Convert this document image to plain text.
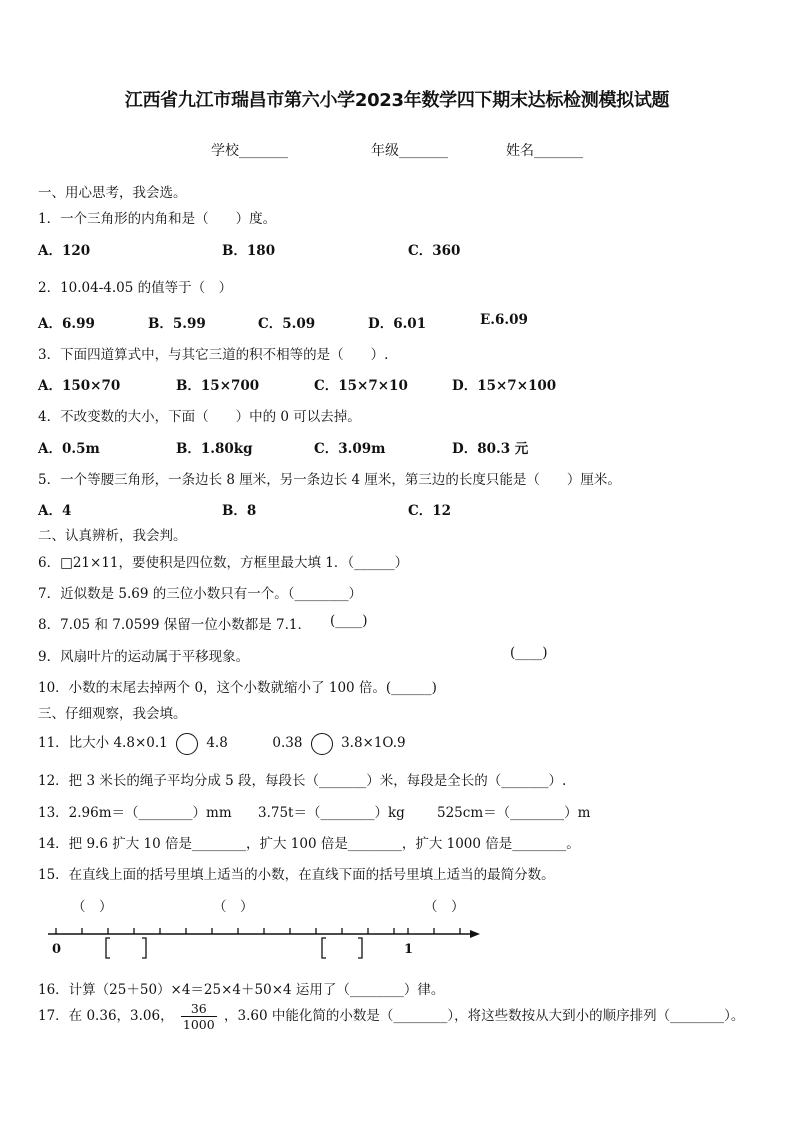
江西省九江市瑞昌市第六小学2023年数学四下期末达标检测模拟试题
学校_______	年级_______	姓名_______
一、用心思考，我会选。
1．一个三角形的内角和是（　　）度。
A．120	B．180	C．360
2．10.04-4.05 的值等于（　）
A．6.99	B．5.99	C．5.09	D．6.01	E.6.09
3．下面四道算式中，与其它三道的积不相等的是（　　）.
A．150×70	B．15×700	C．15×7×10	D．15×7×100
4．不改变数的大小，下面（　　）中的 0 可以去掉。
A．0.5m	B．1.80kg	C．3.09m	D．80.3 元
5．一个等腰三角形，一条边长 8 厘米，另一条边长 4 厘米，第三边的长度只能是（　　）厘米。
A．4	B．8	C．12
二、认真辨析，我会判。
6．□21×11，要使积是四位数，方框里最大填 1．（______）
7．近似数是 5.69 的三位小数只有一个。（________）
8．7.05 和 7.0599 保留一位小数都是 7.1． (____)
9．风扇叶片的运动属于平移现象。	(____)
10．小数的末尾去掉两个 0，这个小数就缩小了 100 倍。(______)
三、仔细观察，我会填。
11．比大小 4.8×0.1	4.8	0.38	3.8×1O.9
12．把 3 米长的绳子平均分成 5 段，每段长（_______）米，每段是全长的（_______）.
13．2.96m＝（________）mm 3.75t＝（________）kg 525cm＝（________）m
14．把 9.6 扩大 10 倍是________，扩大 100 倍是________，扩大 1000 倍是________。
15．在直线上面的括号里填上适当的小数，在直线下面的括号里填上适当的最简分数。
（　）	（　）	（　）
0	1
16．计算（25＋50）×4＝25×4＋50×4 运用了（________）律。
17．在 0.36，3.06， $\frac{36}{1000}$ ，3.60 中能化简的小数是（________），将这些数按从大到小的顺序排列（________）。
